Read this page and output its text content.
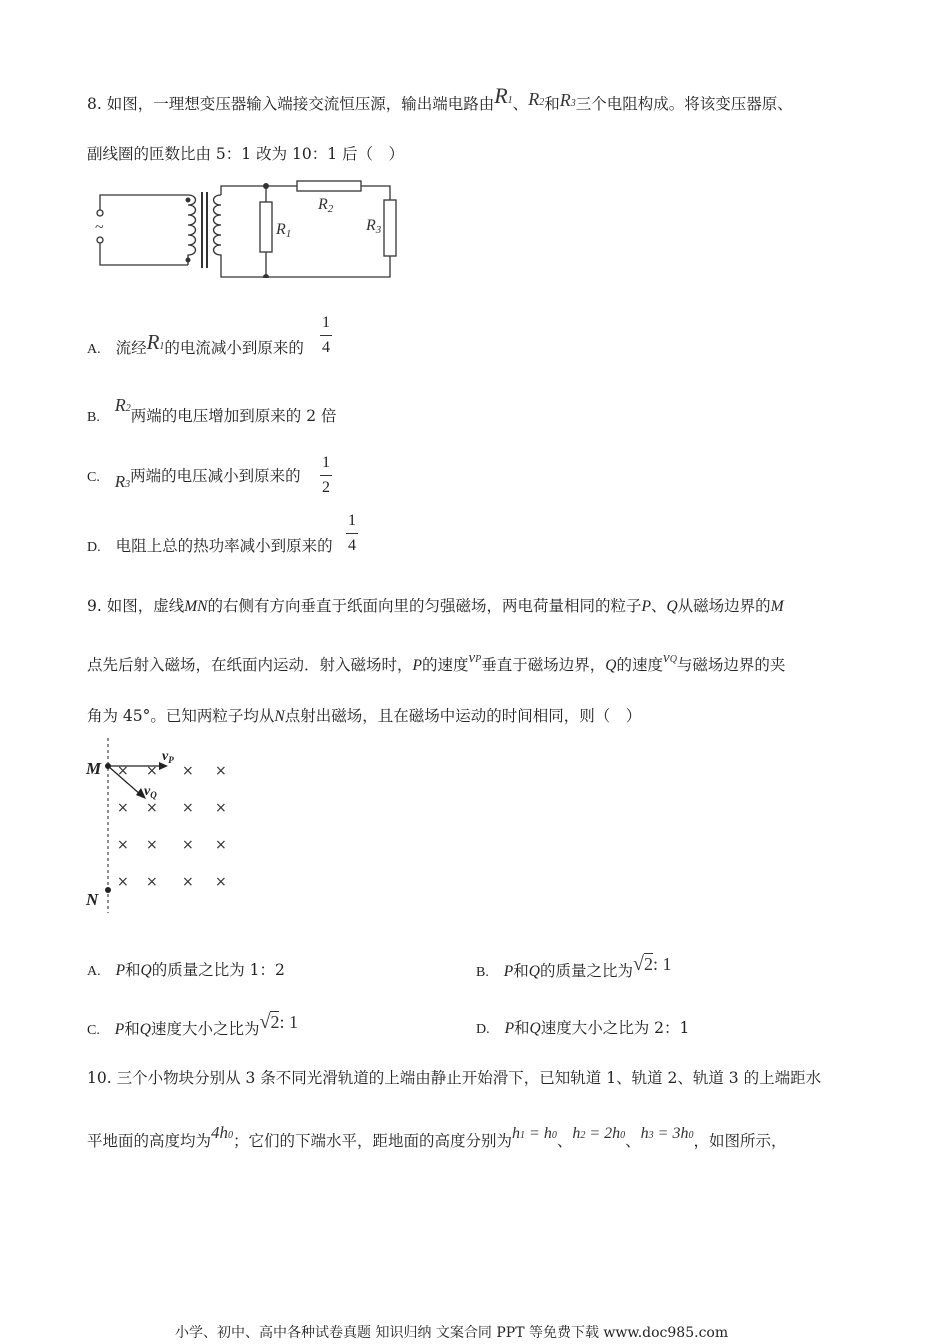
8. 如图，一理想变压器输入端接交流恒压源，输出端电路由R1、R2和R3三个电阻构成。将该变压器原、
副线圈的匝数比由 5：1 改为 10：1 后（　）
~	R1
R2
R3
A. 流经R1的电流减小到原来的
1
4
B. R2两端的电压增加到原来的 2 倍
C. R3两端的电压减小到原来的
1
2
D. 电阻上总的热功率减小到原来的
1
4
9. 如图，虚线MN的右侧有方向垂直于纸面向里的匀强磁场，两电荷量相同的粒子P、Q从磁场边界的M
点先后射入磁场，在纸面内运动．射入磁场时，P的速度vP垂直于磁场边界，Q的速度vQ与磁场边界的夹
角为 45°。已知两粒子均从N点射出磁场，且在磁场中运动的时间相同，则（　）
M
N
× × × ×
× × × ×
× × × ×
× × × ×
$v_P$
$v_Q$
A. P和Q的质量之比为 1：2	B. P和Q的质量之比为√2: 1
C. P和Q速度大小之比为√2: 1	D. P和Q速度大小之比为 2：1
10. 三个小物块分别从 3 条不同光滑轨道的上端由静止开始滑下，已知轨道 1、轨道 2、轨道 3 的上端距水
平地面的高度均为4h0；它们的下端水平，距地面的高度分别为h1 = h0、h2 = 2h0、h3 = 3h0，如图所示，
小学、初中、高中各种试卷真题 知识归纳 文案合同 PPT 等免费下载 www.doc985.com
